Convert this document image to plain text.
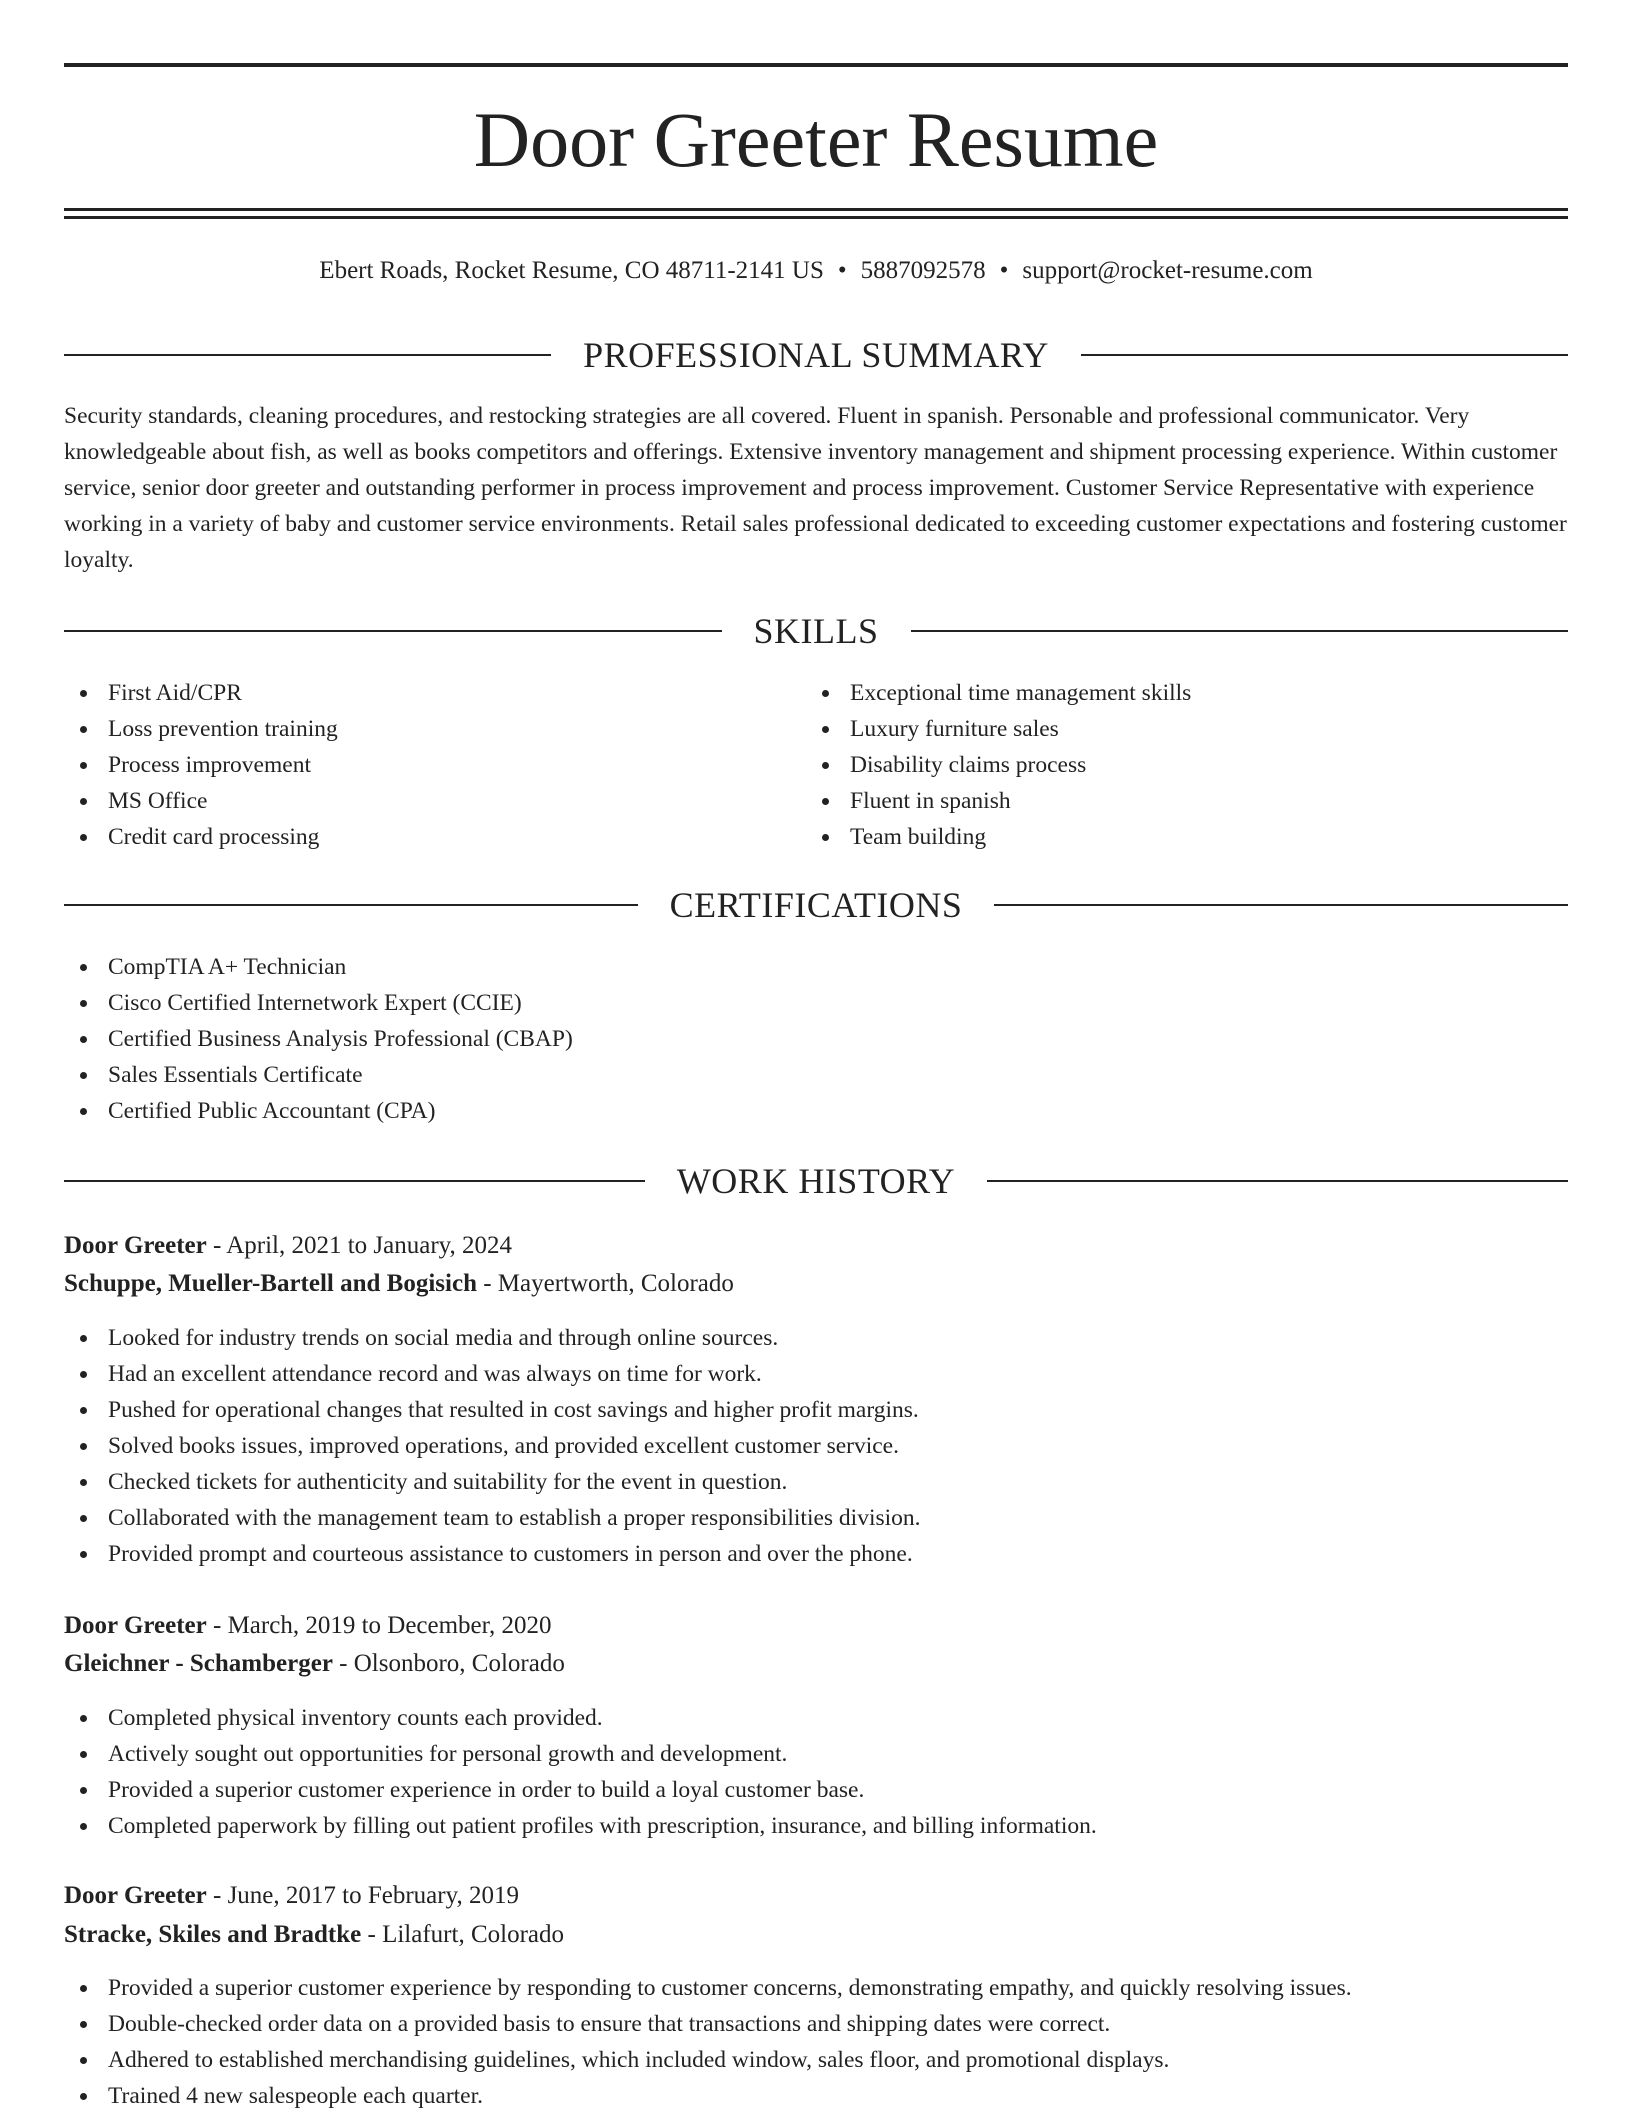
Door Greeter Resume
Ebert Roads, Rocket Resume, CO 48711-2141 US • 5887092578 • support@rocket-resume.com
PROFESSIONAL SUMMARY

Security standards, cleaning procedures, and restocking strategies are all covered. Fluent in spanish. Personable and professional communicator. Very knowledgeable about fish, as well as books competitors and offerings. Extensive inventory management and shipment processing experience. Within customer service, senior door greeter and outstanding performer in process improvement and process improvement. Customer Service Representative with experience working in a variety of baby and customer service environments. Retail sales professional dedicated to exceeding customer expectations and fostering customer loyalty.

SKILLS
First Aid/CPR
Loss prevention training
Process improvement
MS Office
Credit card processing
Exceptional time management skills
Luxury furniture sales
Disability claims process
Fluent in spanish
Team building
CERTIFICATIONS
CompTIA A+ Technician
Cisco Certified Internetwork Expert (CCIE)
Certified Business Analysis Professional (CBAP)
Sales Essentials Certificate
Certified Public Accountant (CPA)
WORK HISTORY
Door Greeter - April, 2021 to January, 2024
Schuppe, Mueller-Bartell and Bogisich - Mayertworth, Colorado
Looked for industry trends on social media and through online sources.
Had an excellent attendance record and was always on time for work.
Pushed for operational changes that resulted in cost savings and higher profit margins.
Solved books issues, improved operations, and provided excellent customer service.
Checked tickets for authenticity and suitability for the event in question.
Collaborated with the management team to establish a proper responsibilities division.
Provided prompt and courteous assistance to customers in person and over the phone.
Door Greeter - March, 2019 to December, 2020
Gleichner - Schamberger - Olsonboro, Colorado
Completed physical inventory counts each provided.
Actively sought out opportunities for personal growth and development.
Provided a superior customer experience in order to build a loyal customer base.
Completed paperwork by filling out patient profiles with prescription, insurance, and billing information.
Door Greeter - June, 2017 to February, 2019
Stracke, Skiles and Bradtke - Lilafurt, Colorado
Provided a superior customer experience by responding to customer concerns, demonstrating empathy, and quickly resolving issues.
Double-checked order data on a provided basis to ensure that transactions and shipping dates were correct.
Adhered to established merchandising guidelines, which included window, sales floor, and promotional displays.
Trained 4 new salespeople each quarter.
